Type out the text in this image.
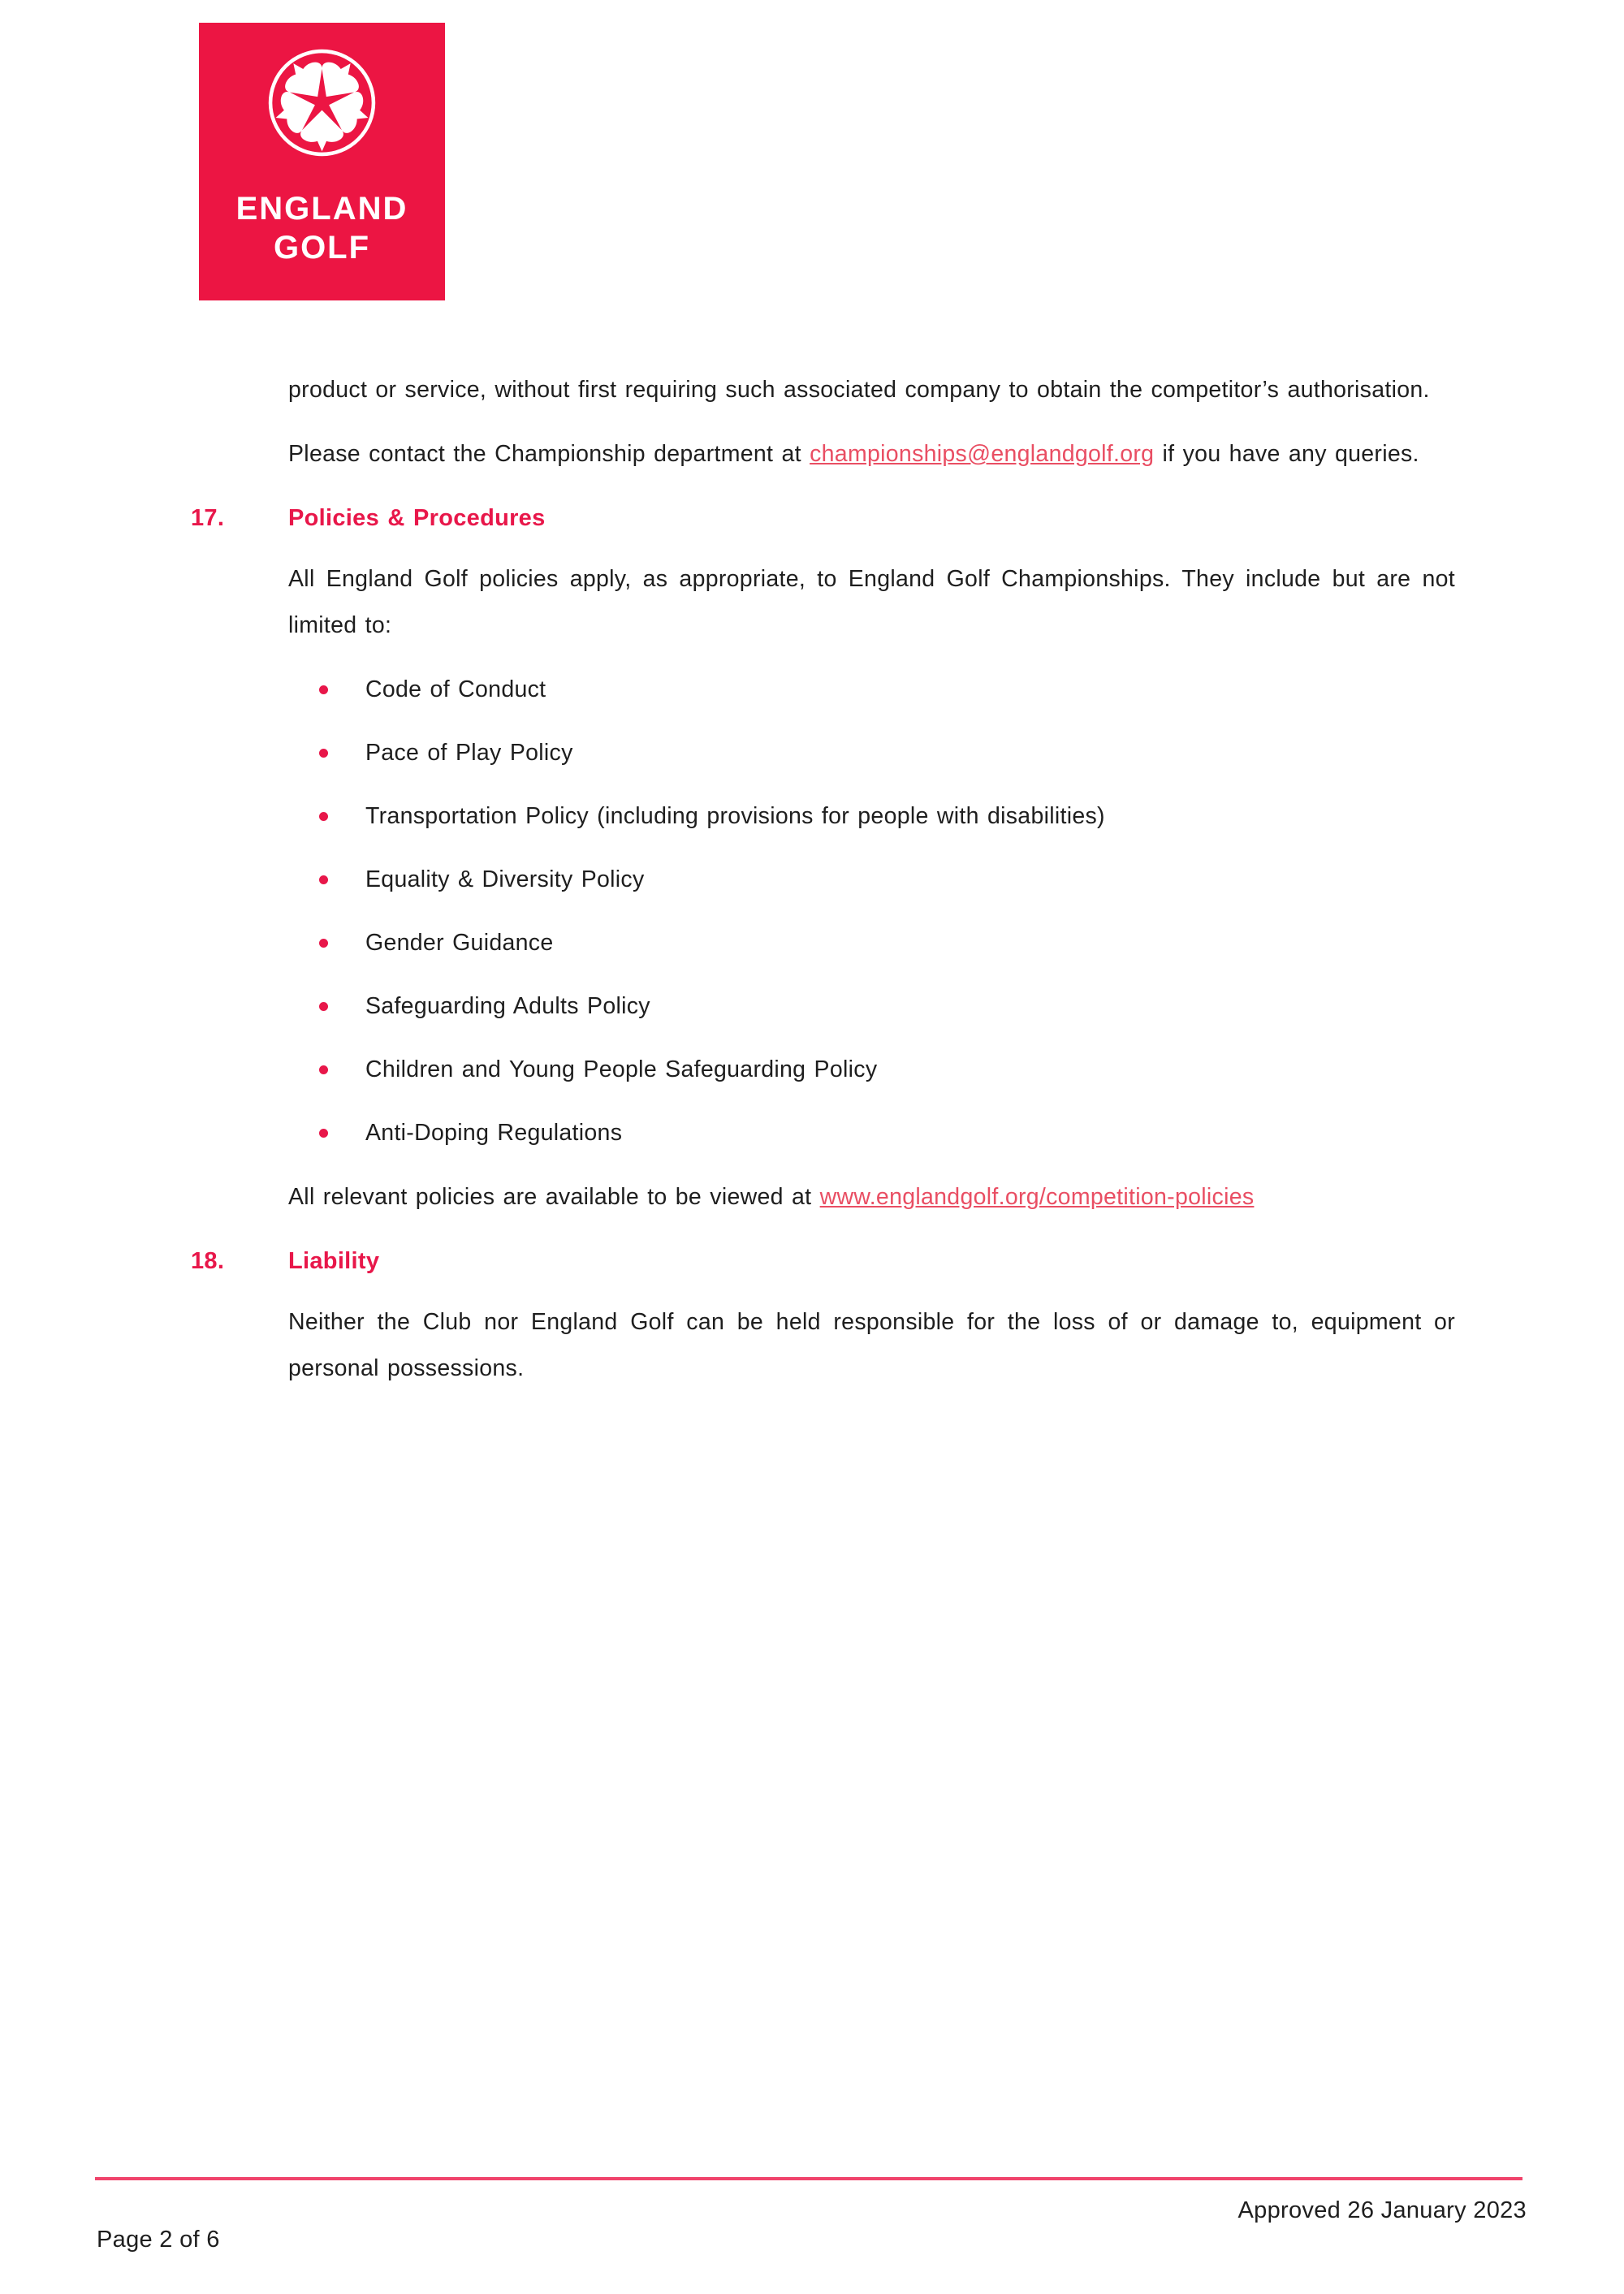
ENGLAND
GOLF

product or service, without first requiring such associated company to obtain the competitor’s authorisation.

Please contact the Championship department at championships@englandgolf.org if you have any queries.

17.	Policies & Procedures

All England Golf policies apply, as appropriate, to England Golf Championships. They include but are not limited to:

Code of Conduct
Pace of Play Policy
Transportation Policy (including provisions for people with disabilities)
Equality & Diversity Policy
Gender Guidance
Safeguarding Adults Policy
Children and Young People Safeguarding Policy
Anti-Doping Regulations

All relevant policies are available to be viewed at www.englandgolf.org/competition-policies

18.	Liability

Neither the Club nor England Golf can be held responsible for the loss of or damage to, equipment or personal possessions.

Approved 26 January 2023
Page 2 of 6
